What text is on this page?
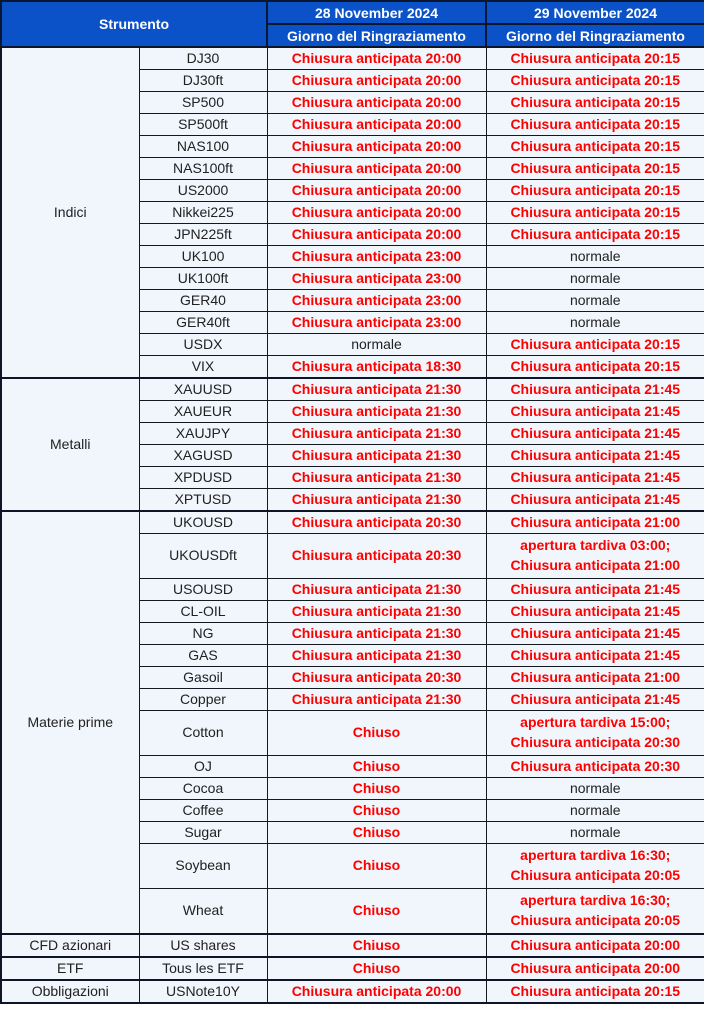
Strumento		28 November 2024	29 November 2024
		Giorno del Ringraziamento	Giorno del Ringraziamento
Indici	DJ30	Chiusura anticipata 20:00	Chiusura anticipata 20:15
	DJ30ft	Chiusura anticipata 20:00	Chiusura anticipata 20:15
	SP500	Chiusura anticipata 20:00	Chiusura anticipata 20:15
	SP500ft	Chiusura anticipata 20:00	Chiusura anticipata 20:15
	NAS100	Chiusura anticipata 20:00	Chiusura anticipata 20:15
	NAS100ft	Chiusura anticipata 20:00	Chiusura anticipata 20:15
	US2000	Chiusura anticipata 20:00	Chiusura anticipata 20:15
	Nikkei225	Chiusura anticipata 20:00	Chiusura anticipata 20:15
	JPN225ft	Chiusura anticipata 20:00	Chiusura anticipata 20:15
	UK100	Chiusura anticipata 23:00	normale
	UK100ft	Chiusura anticipata 23:00	normale
	GER40	Chiusura anticipata 23:00	normale
	GER40ft	Chiusura anticipata 23:00	normale
	USDX	normale	Chiusura anticipata 20:15
	VIX	Chiusura anticipata 18:30	Chiusura anticipata 20:15
Metalli	XAUUSD	Chiusura anticipata 21:30	Chiusura anticipata 21:45
	XAUEUR	Chiusura anticipata 21:30	Chiusura anticipata 21:45
	XAUJPY	Chiusura anticipata 21:30	Chiusura anticipata 21:45
	XAGUSD	Chiusura anticipata 21:30	Chiusura anticipata 21:45
	XPDUSD	Chiusura anticipata 21:30	Chiusura anticipata 21:45
	XPTUSD	Chiusura anticipata 21:30	Chiusura anticipata 21:45
Materie prime	UKOUSD	Chiusura anticipata 20:30	Chiusura anticipata 21:00
	UKOUSDft	Chiusura anticipata 20:30	apertura tardiva 03:00;
Chiusura anticipata 21:00
	USOUSD	Chiusura anticipata 21:30	Chiusura anticipata 21:45
	CL-OIL	Chiusura anticipata 21:30	Chiusura anticipata 21:45
	NG	Chiusura anticipata 21:30	Chiusura anticipata 21:45
	GAS	Chiusura anticipata 21:30	Chiusura anticipata 21:45
	Gasoil	Chiusura anticipata 20:30	Chiusura anticipata 21:00
	Copper	Chiusura anticipata 21:30	Chiusura anticipata 21:45
	Cotton	Chiuso	apertura tardiva 15:00;
Chiusura anticipata 20:30
	OJ	Chiuso	Chiusura anticipata 20:30
	Cocoa	Chiuso	normale
	Coffee	Chiuso	normale
	Sugar	Chiuso	normale
	Soybean	Chiuso	apertura tardiva 16:30;
Chiusura anticipata 20:05
	Wheat	Chiuso	apertura tardiva 16:30;
Chiusura anticipata 20:05
CFD azionari	US shares	Chiuso	Chiusura anticipata 20:00
ETF	Tous les ETF	Chiuso	Chiusura anticipata 20:00
Obbligazioni	USNote10Y	Chiusura anticipata 20:00	Chiusura anticipata 20:15
